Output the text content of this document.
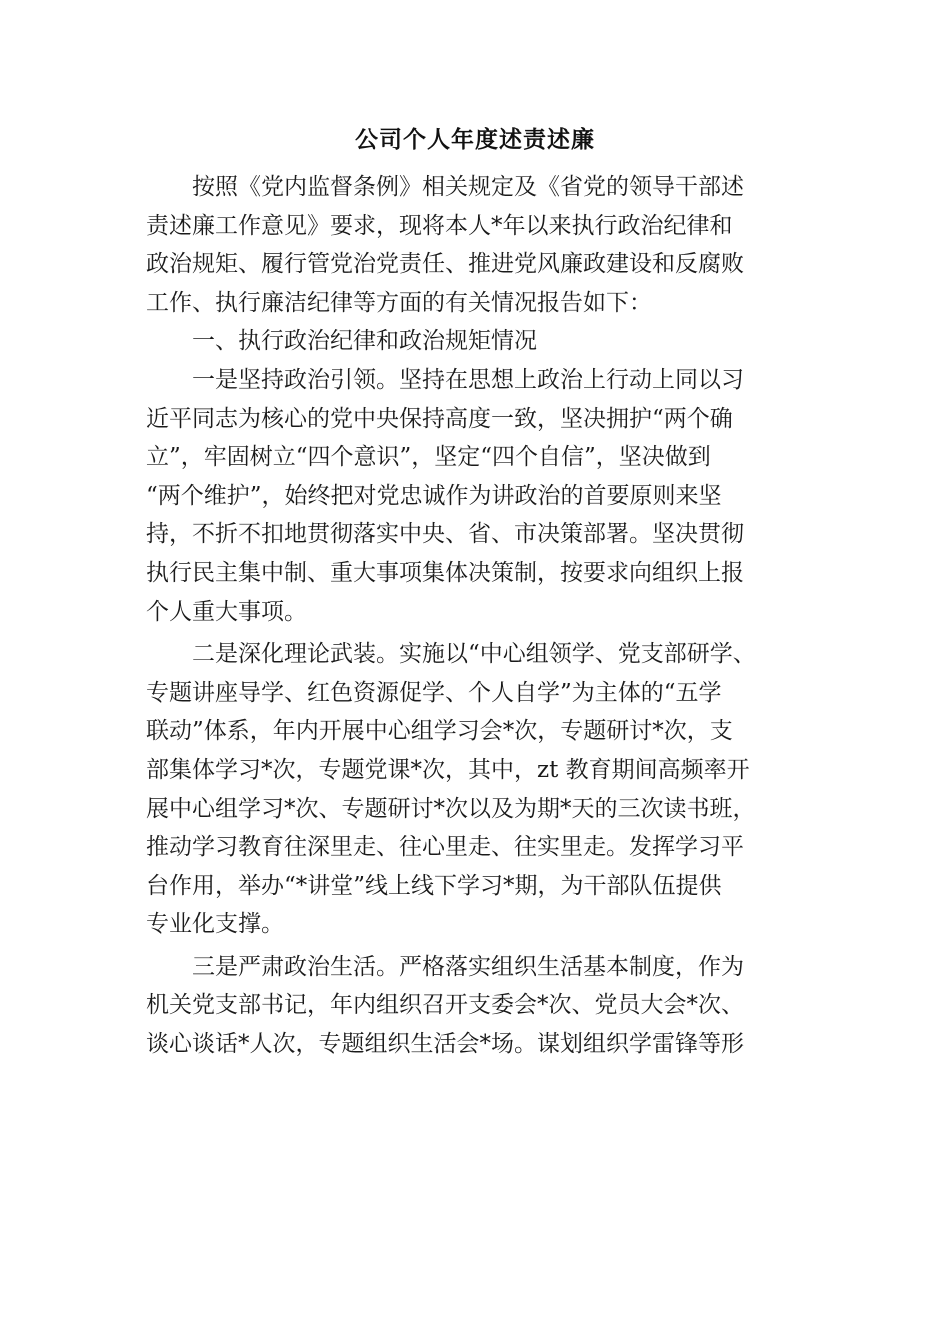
公司个人年度述责述廉

按照《党内监督条例》相关规定及《省党的领导干部述
责述廉工作意见》要求，现将本人*年以来执行政治纪律和
政治规矩、履行管党治党责任、推进党风廉政建设和反腐败
工作、执行廉洁纪律等方面的有关情况报告如下：

一、执行政治纪律和政治规矩情况

一是坚持政治引领。坚持在思想上政治上行动上同以习
近平同志为核心的党中央保持高度一致，坚决拥护“两个确
立”，牢固树立“四个意识”，坚定“四个自信”，坚决做到
“两个维护”，始终把对党忠诚作为讲政治的首要原则来坚
持，不折不扣地贯彻落实中央、省、市决策部署。坚决贯彻
执行民主集中制、重大事项集体决策制，按要求向组织上报
个人重大事项。

二是深化理论武装。实施以“中心组领学、党支部研学、
专题讲座导学、红色资源促学、个人自学”为主体的“五学
联动”体系，年内开展中心组学习会*次，专题研讨*次，支
部集体学习*次，专题党课*次，其中，zt 教育期间高频率开
展中心组学习*次、专题研讨*次以及为期*天的三次读书班，
推动学习教育往深里走、往心里走、往实里走。发挥学习平
台作用，举办“*讲堂”线上线下学习*期，为干部队伍提供
专业化支撑。

三是严肃政治生活。严格落实组织生活基本制度，作为
机关党支部书记，年内组织召开支委会*次、党员大会*次、
谈心谈话*人次，专题组织生活会*场。谋划组织学雷锋等形
